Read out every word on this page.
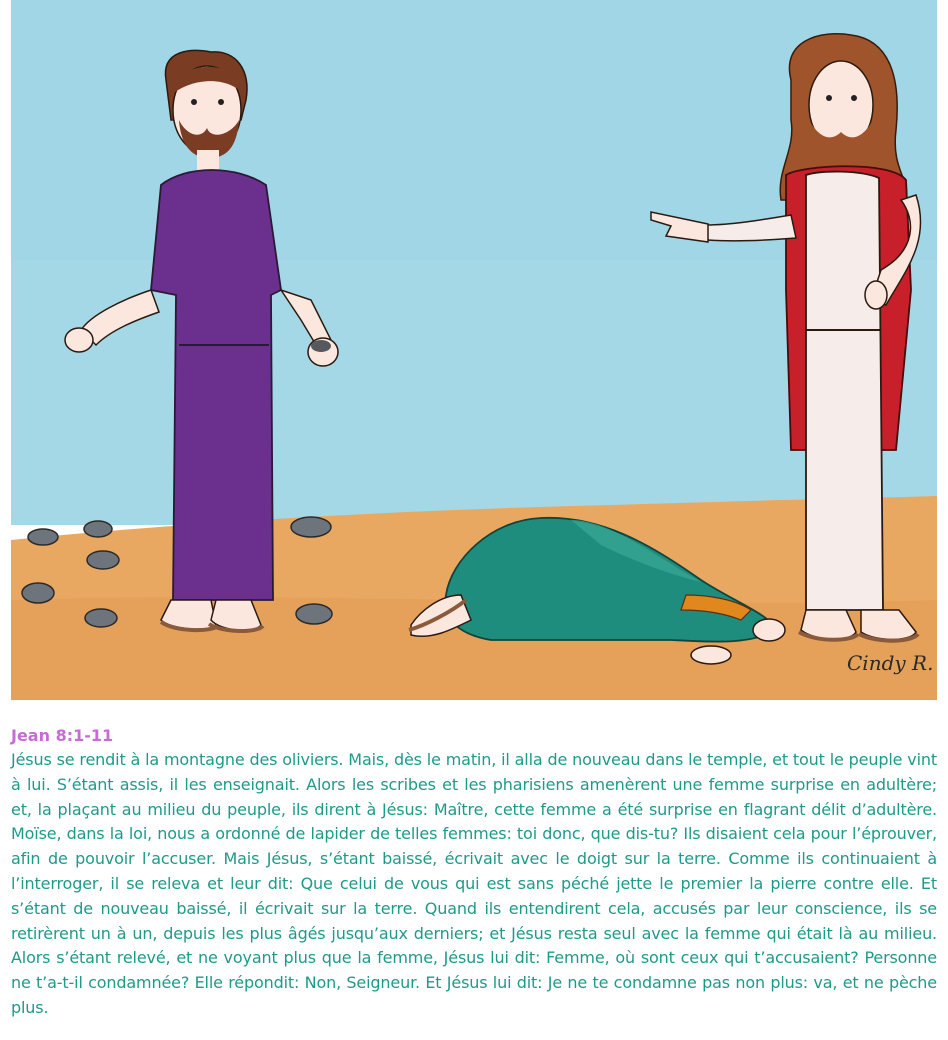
Cindy R.

Jean 8:1-11

Jésus se rendit à la montagne des oliviers. Mais, dès le matin, il alla de nouveau dans le temple, et tout le peuple vint à lui. S’étant assis, il les enseignait. Alors les scribes et les pharisiens amenèrent une femme surprise en adultère; et, la plaçant au milieu du peuple, ils dirent à Jésus: Maître, cette femme a été surprise en flagrant délit d’adultère. Moïse, dans la loi, nous a ordonné de lapider de telles femmes: toi donc, que dis-tu? Ils disaient cela pour l’éprouver, afin de pouvoir l’accuser. Mais Jésus, s’étant baissé, écrivait avec le doigt sur la terre. Comme ils continuaient à l’interroger, il se releva et leur dit: Que celui de vous qui est sans péché jette le premier la pierre contre elle. Et s’étant de nouveau baissé, il écrivait sur la terre. Quand ils entendirent cela, accusés par leur conscience, ils se retirèrent un à un, depuis les plus âgés jusqu’aux derniers; et Jésus resta seul avec la femme qui était là au milieu. Alors s’étant relevé, et ne voyant plus que la femme, Jésus lui dit: Femme, où sont ceux qui t’accusaient? Personne ne t’a-t-il condamnée? Elle répondit: Non, Seigneur. Et Jésus lui dit: Je ne te condamne pas non plus: va, et ne pèche plus.
